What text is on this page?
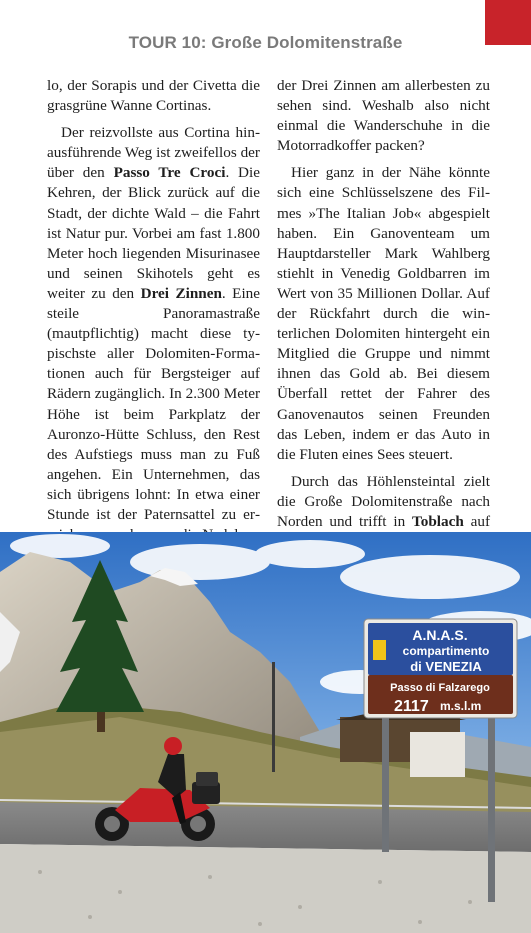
TOUR 10: Große Dolomitenstraße

lo, der Sorapis und der Civetta die grasgrüne Wanne Cortinas.

Der reizvollste aus Cortina hinausführende Weg ist zweifellos der über den Passo Tre Croci. Die Kehren, der Blick zurück auf die Stadt, der dichte Wald – die Fahrt ist Natur pur. Vorbei am fast 1.800 Meter hoch liegenden Misurinasee und seinen Skihotels geht es weiter zu den Drei Zinnen. Eine steile Panoramastraße (mautpflichtig) macht diese typischste aller Dolomiten-Formationen auch für Bergsteiger auf Rädern zugänglich. In 2.300 Meter Höhe ist beim Parkplatz der Auronzo-Hütte Schluss, den Rest des Aufstiegs muss man zu Fuß angehen. Ein Unternehmen, das sich übrigens lohnt: In etwa einer Stunde ist der Paternsattel zu er

der Drei Zinnen am allerbesten zu sehen sind. Weshalb also nicht einmal die Wanderschuhe in die Motorradkoffer packen?

Hier ganz in der Nähe könnte sich eine Schlüsselszene des Filmes »The Italian Job« abgespielt haben. Ein Ganoventeam um Hauptdarsteller Mark Wahlberg stiehlt in Venedig Goldbarren im Wert von 35 Millionen Dollar. Auf der Rückfahrt durch die winterlichen Dolomiten hintergeht ein Mitglied die Gruppe und nimmt ihnen das Gold ab. Bei diesem Überfall rettet der Fahrer des Ganovenautos seinen Freunden das Leben, indem er das Auto in die Fluten eines Sees steuert.

Durch das Höhlensteintal zielt die Große Dolomitenstraße nach Norden und trifft in Toblach auf

A.N.A.S.
compartimento
di VENEZIA
Passo di Falzarego
2117 m.s.l.m
